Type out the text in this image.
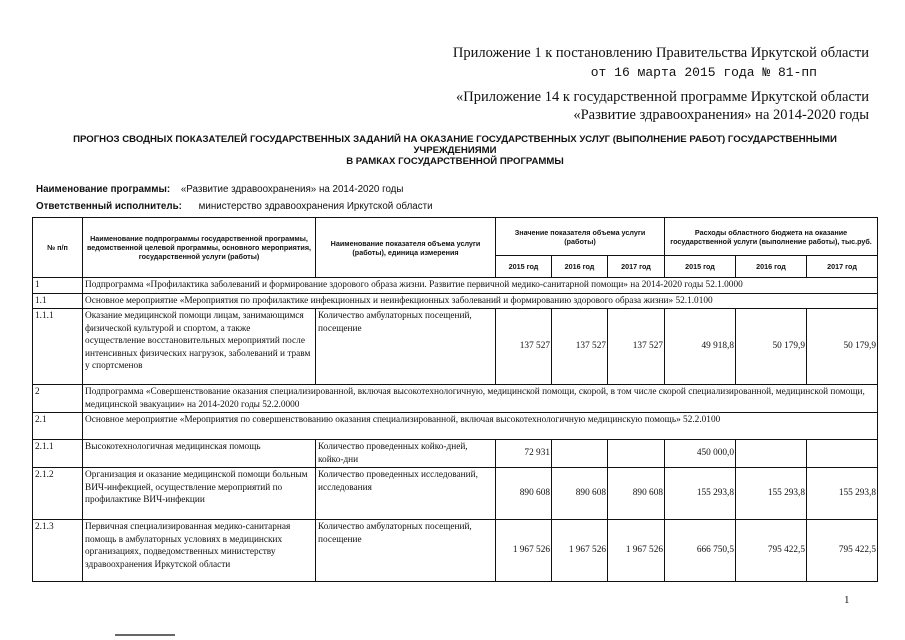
Приложение 1 к постановлению Правительства Иркутской области
от 16 марта 2015 года № 81-пп
«Приложение 14 к государственной программе Иркутской области
«Развитие здравоохранения» на 2014-2020 годы
ПРОГНОЗ СВОДНЫХ ПОКАЗАТЕЛЕЙ ГОСУДАРСТВЕННЫХ ЗАДАНИЙ НА ОКАЗАНИЕ ГОСУДАРСТВЕННЫХ УСЛУГ (ВЫПОЛНЕНИЕ РАБОТ) ГОСУДАРСТВЕННЫМИ
УЧРЕЖДЕНИЯМИ
В РАМКАХ ГОСУДАРСТВЕННОЙ ПРОГРАММЫ
Наименование программы: «Развитие здравоохранения» на 2014-2020 годы
Ответственный исполнитель: министерство здравоохранения Иркутской области
№ п/п	Наименование подпрограммы государственной программы, ведомственной целевой программы, основного мероприятия, государственной услуги (работы)	Наименование показателя объема услуги (работы), единица измерения	Значение показателя объема услуги (работы)			Расходы областного бюджета на оказание государственной услуги (выполнение работы), тыс.руб.		
			2015 год	2016 год	2017 год	2015 год	2016 год	2017 год
1	Подпрограмма «Профилактика заболеваний и формирование здорового образа жизни. Развитие первичной медико-санитарной помощи» на 2014-2020 годы 52.1.0000							
1.1	Основное мероприятие «Мероприятия по профилактике инфекционных и неинфекционных заболеваний и формированию здорового образа жизни» 52.1.0100							
1.1.1	Оказание медицинской помощи лицам, занимающимся физической культурой и спортом, а также осуществление восстановительных мероприятий после интенсивных физических нагрузок, заболеваний и травм у спортсменов	Количество амбулаторных посещений, посещение	137 527	137 527	137 527	49 918,8	50 179,9	50 179,9
2	Подпрограмма «Совершенствование оказания специализированной, включая высокотехнологичную, медицинской помощи, скорой, в том числе скорой специализированной, медицинской помощи, медицинской эвакуации» на 2014-2020 годы 52.2.0000							
2.1	Основное мероприятие «Мероприятия по совершенствованию оказания специализированной, включая высокотехнологичную медицинскую помощь» 52.2.0100							
2.1.1	Высокотехнологичная медицинская помощь	Количество проведенных койко-дней, койко-дни	72 931			450 000,0		
2.1.2	Организация и оказание медицинской помощи больным ВИЧ-инфекцией, осуществление мероприятий по профилактике ВИЧ-инфекции	Количество проведенных исследований, исследования	890 608	890 608	890 608	155 293,8	155 293,8	155 293,8
2.1.3	Первичная специализированная медико-санитарная помощь в амбулаторных условиях в медицинских организациях, подведомственных министерству здравоохранения Иркутской области	Количество амбулаторных посещений, посещение	1 967 526	1 967 526	1 967 526	666 750,5	795 422,5	795 422,5
1
